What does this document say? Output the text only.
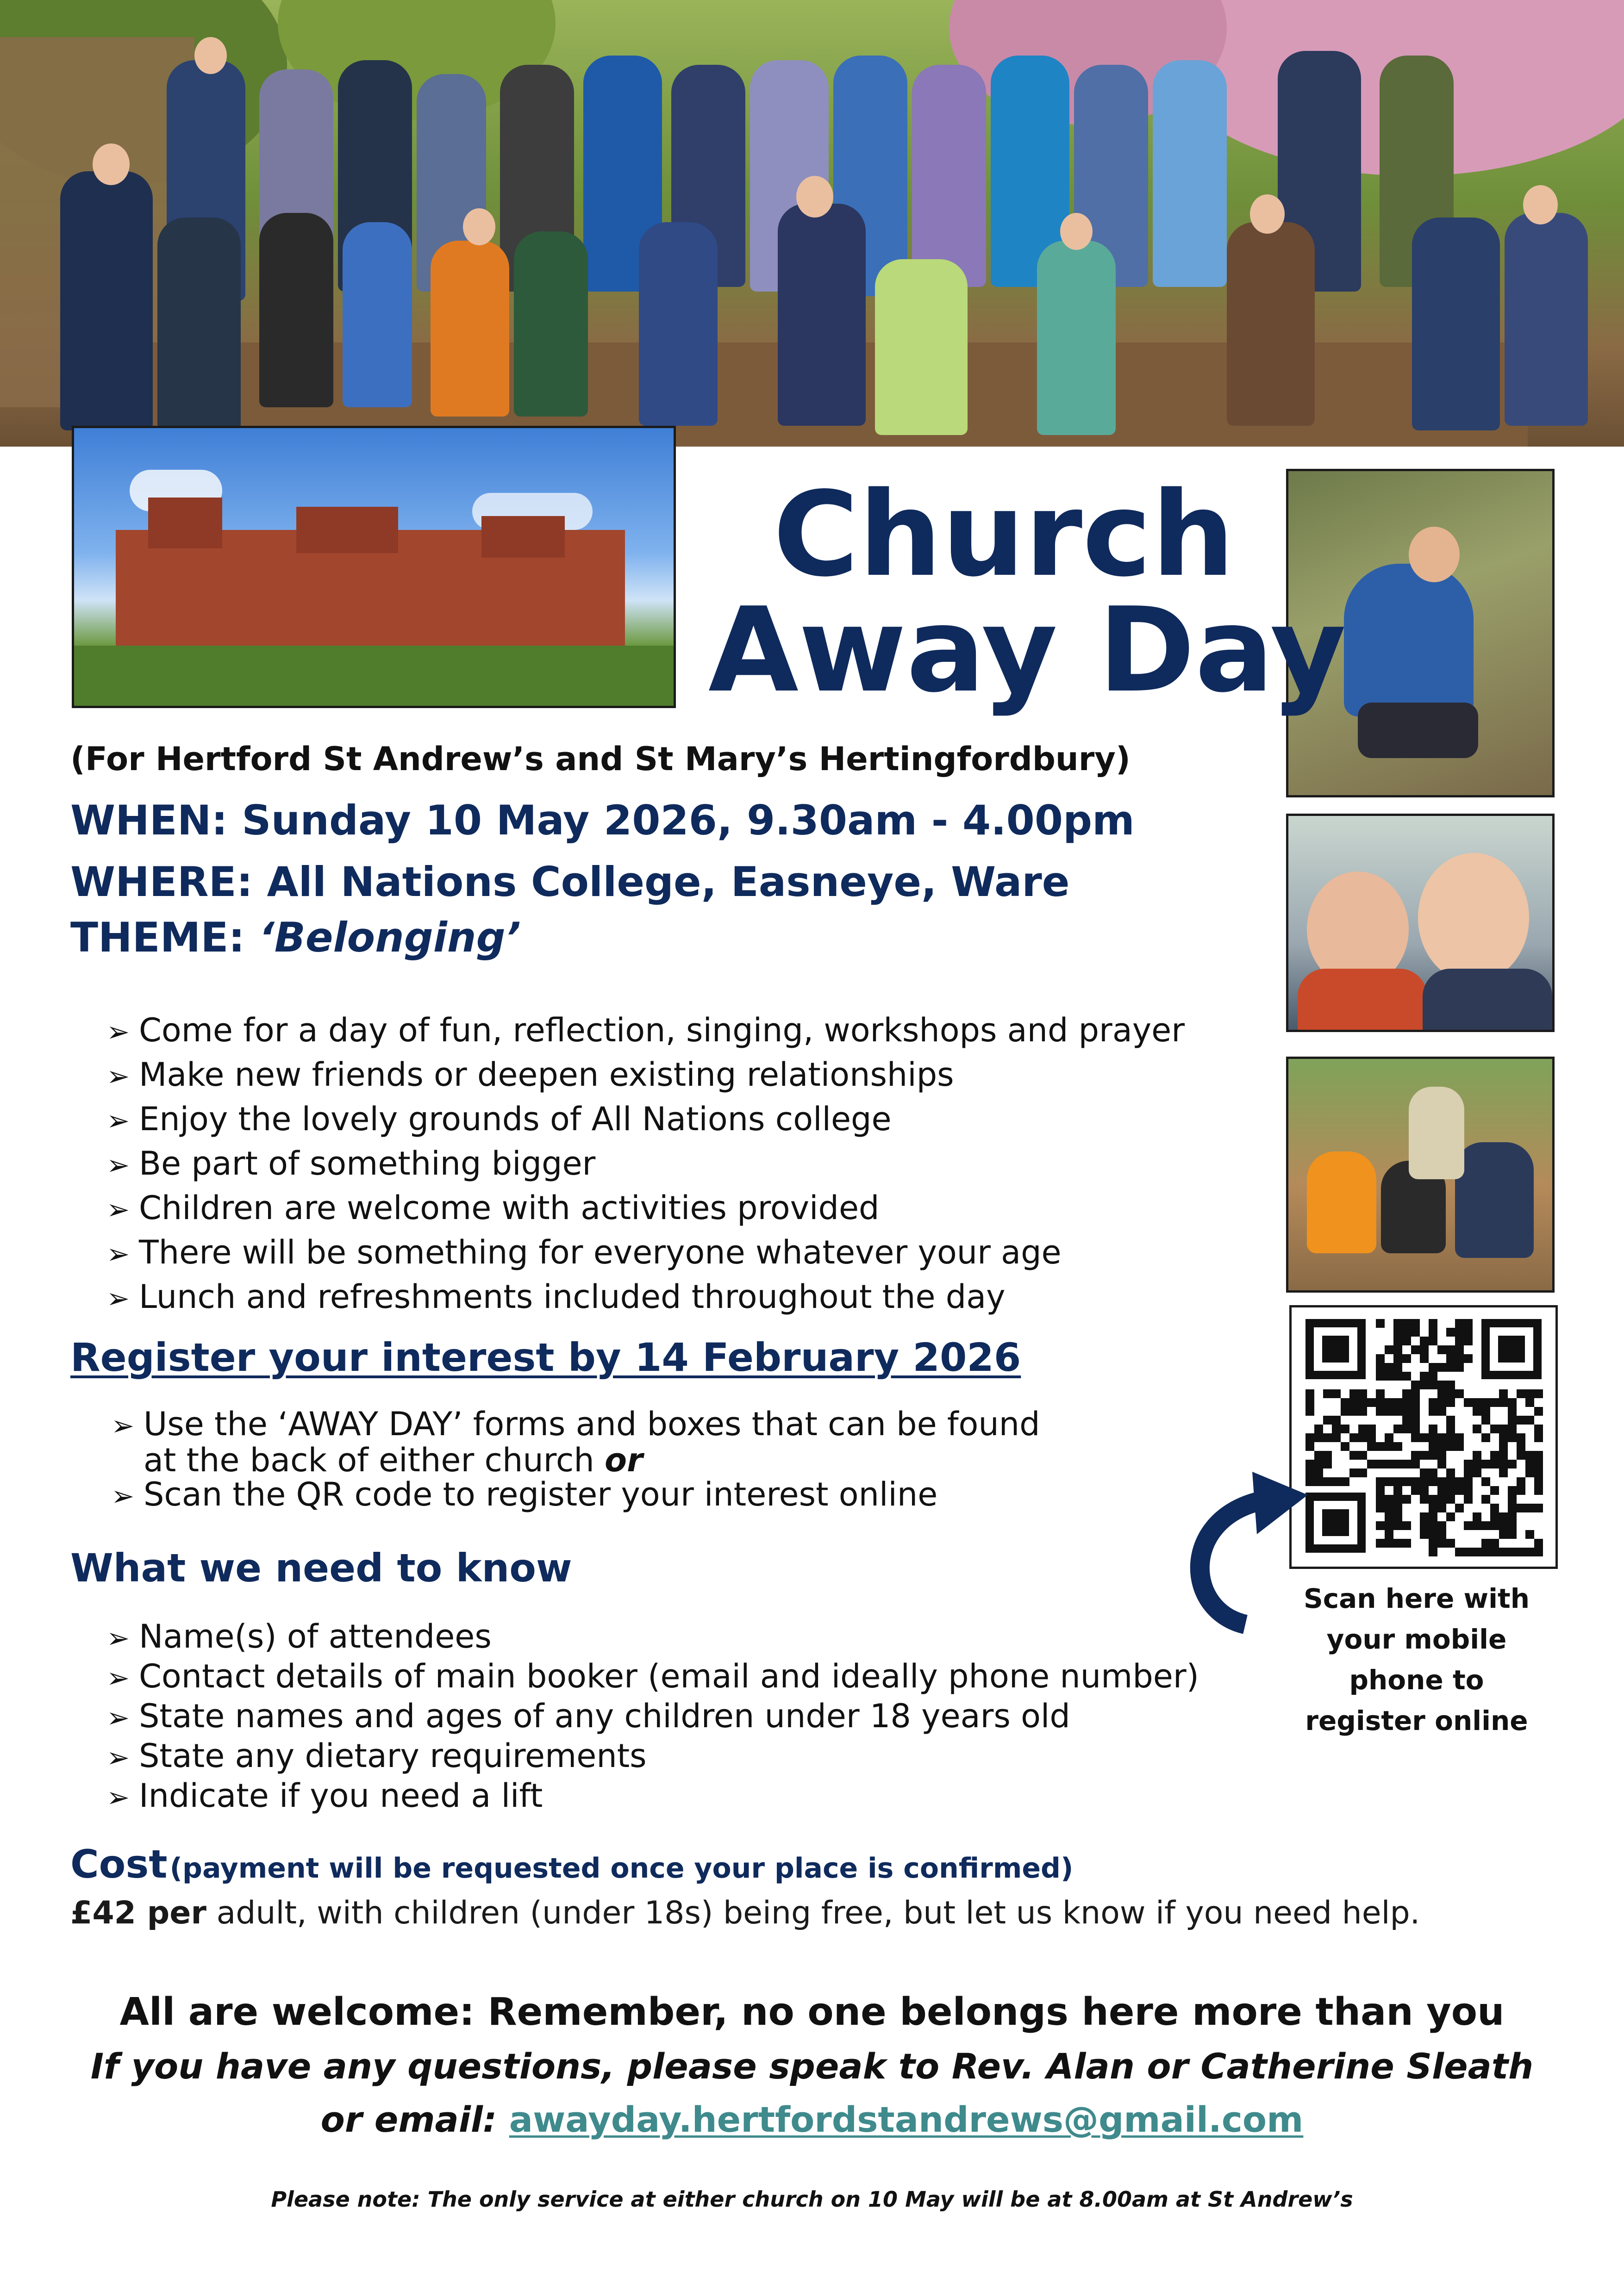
Church
Away Day
(For Hertford St Andrew’s and St Mary’s Hertingfordbury)
WHEN: Sunday 10 May 2026, 9.30am - 4.00pm
WHERE: All Nations College, Easneye, Ware
THEME: ‘Belonging’
➢ Come for a day of fun, reflection, singing, workshops and prayer
➢ Make new friends or deepen existing relationships
➢ Enjoy the lovely grounds of All Nations college
➢ Be part of something bigger
➢ Children are welcome with activities provided
➢ There will be something for everyone whatever your age
➢ Lunch and refreshments included throughout the day
Register your interest by 14 February 2026
➢ Use the ‘AWAY DAY’ forms and boxes that can be found
at the back of either church or
➢ Scan the QR code to register your interest online
What we need to know
➢ Name(s) of attendees
➢ Contact details of main booker (email and ideally phone number)
➢ State names and ages of any children under 18 years old
➢ State any dietary requirements
➢ Indicate if you need a lift
Scan here with
your mobile
phone to
register online
Cost (payment will be requested once your place is confirmed)
£42 per adult, with children (under 18s) being free, but let us know if you need help.
All are welcome: Remember, no one belongs here more than you
If you have any questions, please speak to Rev. Alan or Catherine Sleath
or email: awayday.hertfordstandrews@gmail.com
Please note: The only service at either church on 10 May will be at 8.00am at St Andrew’s
